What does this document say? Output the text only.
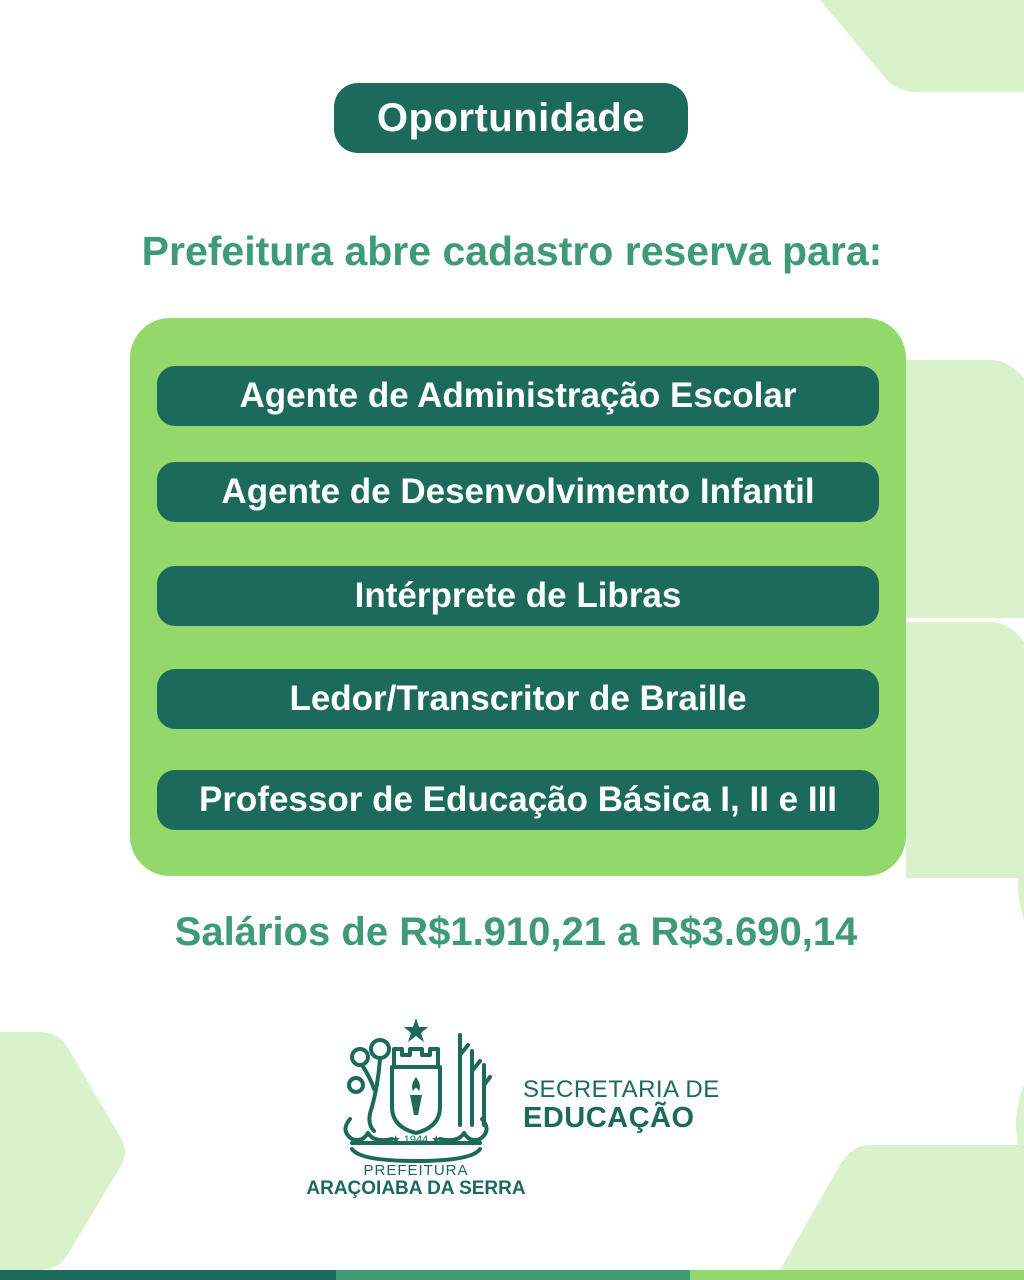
Oportunidade
Prefeitura abre cadastro reserva para:
Agente de Administração Escolar
Agente de Desenvolvimento Infantil
Intérprete de Libras
Ledor/Transcritor de Braille
Professor de Educação Básica I, II e III
Salários de R$1.910,21 a R$3.690,14
★ 1944 ★
PREFEITURA
ARAÇOIABA DA SERRA
SECRETARIA DE
EDUCAÇÃO
